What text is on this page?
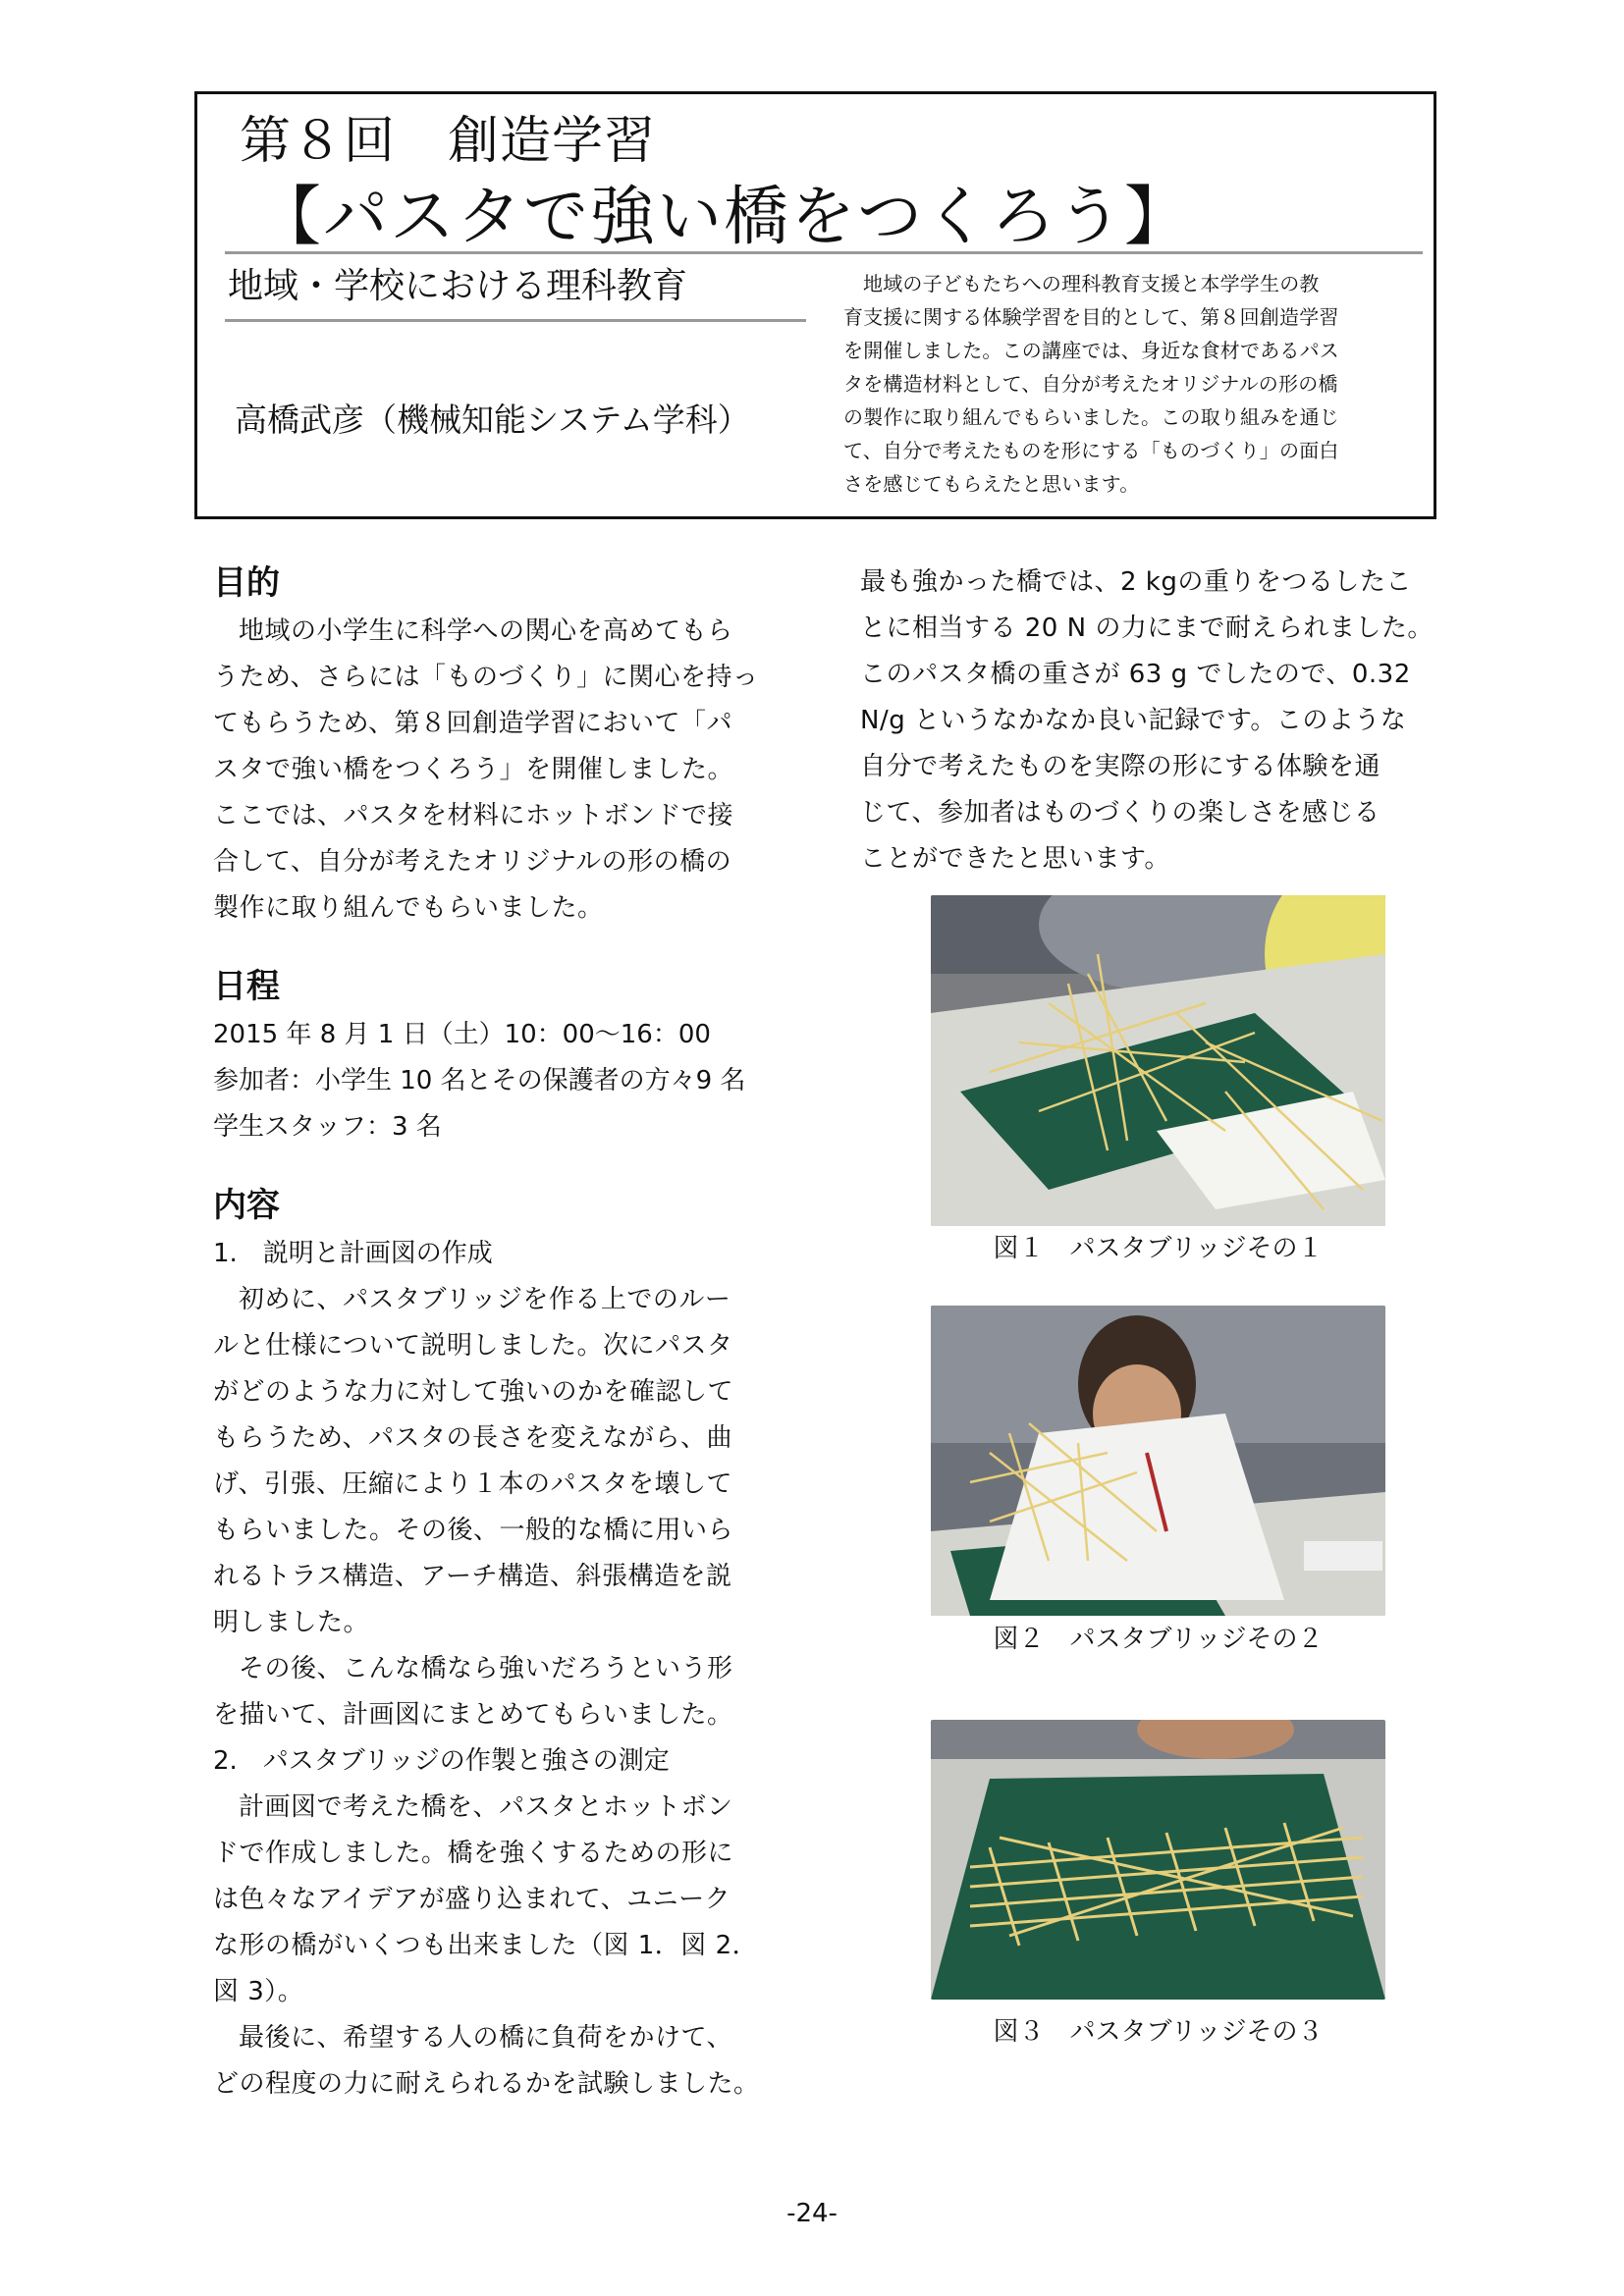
第８回　創造学習
【パスタで強い橋をつくろう】
地域・学校における理科教育
高橋武彦（機械知能システム学科）
地域の子どもたちへの理科教育支援と本学学生の教
育支援に関する体験学習を目的として、第８回創造学習
を開催しました。この講座では、身近な食材であるパス
タを構造材料として、自分が考えたオリジナルの形の橋
の製作に取り組んでもらいました。この取り組みを通じ
て、自分で考えたものを形にする「ものづくり」の面白
さを感じてもらえたと思います。
目的

地域の小学生に科学への関心を高めてもら
うため、さらには「ものづくり」に関心を持っ
てもらうため、第８回創造学習において「パ
スタで強い橋をつくろう」を開催しました。
ここでは、パスタを材料にホットボンドで接
合して、自分が考えたオリジナルの形の橋の
製作に取り組んでもらいました。

日程

2015 年 8 月 1 日（土）10：00～16：00

参加者：小学生 10 名とその保護者の方々9 名

学生スタッフ：3 名

内容

1.　説明と計画図の作成

初めに、パスタブリッジを作る上でのルー
ルと仕様について説明しました。次にパスタ
がどのような力に対して強いのかを確認して
もらうため、パスタの長さを変えながら、曲
げ、引張、圧縮により１本のパスタを壊して
もらいました。その後、一般的な橋に用いら
れるトラス構造、アーチ構造、斜張構造を説
明しました。

その後、こんな橋なら強いだろうという形
を描いて、計画図にまとめてもらいました。

2.　パスタブリッジの作製と強さの測定

計画図で考えた橋を、パスタとホットボン
ドで作成しました。橋を強くするための形に
は色々なアイデアが盛り込まれて、ユニーク
な形の橋がいくつも出来ました（図 1．図 2．
図 3）。

最後に、希望する人の橋に負荷をかけて、
どの程度の力に耐えられるかを試験しました。

最も強かった橋では、2 kgの重りをつるしたこ
とに相当する 20 N の力にまで耐えられました。
このパスタ橋の重さが 63 g でしたので、0.32
N/g というなかなか良い記録です。このような
自分で考えたものを実際の形にする体験を通
じて、参加者はものづくりの楽しさを感じる
ことができたと思います。

図１　パスタブリッジその１
図２　パスタブリッジその２
図３　パスタブリッジその３
-24-
